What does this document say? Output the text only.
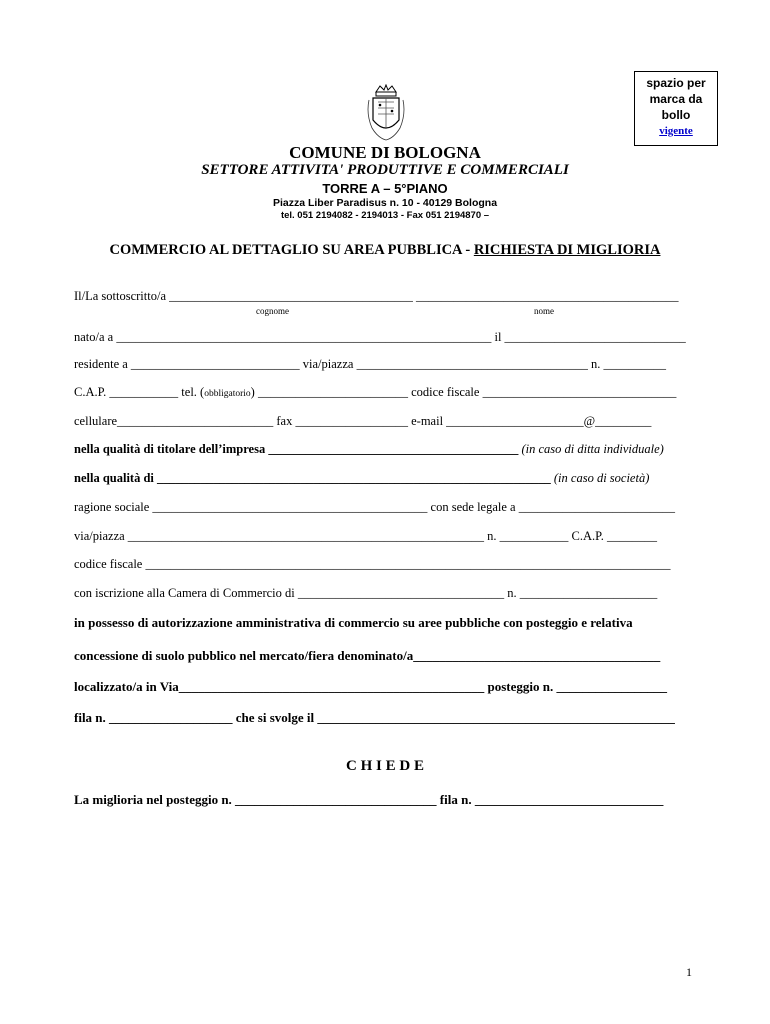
spazio per
marca da
bollo
vigente
COMUNE DI BOLOGNA
SETTORE ATTIVITA' PRODUTTIVE E COMMERCIALI
TORRE A – 5°PIANO
Piazza Liber Paradisus n. 10 - 40129 Bologna
tel. 051 2194082 - 2194013 - Fax 051 2194870 –
COMMERCIO AL DETTAGLIO SU AREA PUBBLICA - RICHIESTA DI MIGLIORIA
Il/La sottoscritto/a _______________________________________ __________________________________________
cognome	nome
nato/a a ____________________________________________________________ il _____________________________
residente a ___________________________ via/piazza _____________________________________ n. __________
C.A.P. ___________ tel. (obbligatorio) ________________________ codice fiscale _______________________________
cellulare_________________________ fax __________________ e-mail ______________________@_________
nella qualità di titolare dell’impresa ________________________________________ (in caso di ditta individuale)
nella qualità di _______________________________________________________________ (in caso di società)
ragione sociale ____________________________________________ con sede legale a _________________________
via/piazza _________________________________________________________ n. ___________ C.A.P. ________
codice fiscale ____________________________________________________________________________________
con iscrizione alla Camera di Commercio di _________________________________ n. ______________________
in possesso di autorizzazione amministrativa di commercio su aree pubbliche con posteggio e relativa
concessione di suolo pubblico nel mercato/fiera denominato/a______________________________________
localizzato/a in Via_______________________________________________ posteggio n. _________________
fila n. ___________________ che si svolge il _______________________________________________________
C H I E D E
La miglioria nel posteggio n. _______________________________ fila n. _____________________________
1
